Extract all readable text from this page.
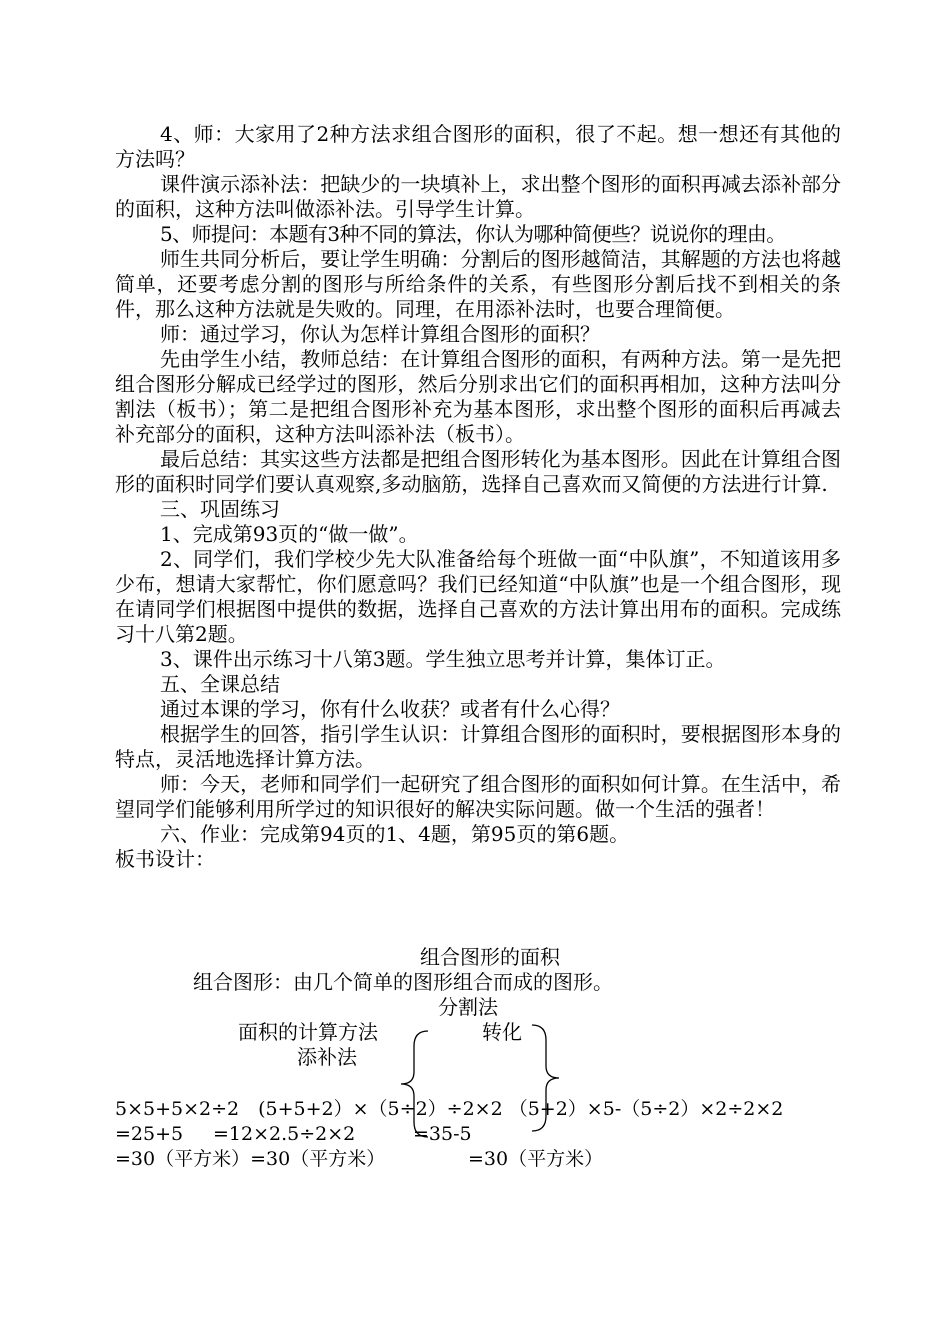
4、师：大家用了2种方法求组合图形的面积，很了不起。想一想还有其他的方法吗？

课件演示添补法：把缺少的一块填补上，求出整个图形的面积再减去添补部分的面积，这种方法叫做添补法。引导学生计算。

5、师提问：本题有3种不同的算法，你认为哪种简便些？说说你的理由。

师生共同分析后，要让学生明确：分割后的图形越简洁，其解题的方法也将越简单，还要考虑分割的图形与所给条件的关系，有些图形分割后找不到相关的条件，那么这种方法就是失败的。同理，在用添补法时，也要合理简便。

师：通过学习，你认为怎样计算组合图形的面积？

先由学生小结，教师总结：在计算组合图形的面积，有两种方法。第一是先把组合图形分解成已经学过的图形，然后分别求出它们的面积再相加，这种方法叫分割法（板书）；第二是把组合图形补充为基本图形，求出整个图形的面积后再减去补充部分的面积，这种方法叫添补法（板书）。

最后总结：其实这些方法都是把组合图形转化为基本图形。因此在计算组合图形的面积时同学们要认真观察,多动脑筋，选择自己喜欢而又简便的方法进行计算.

三、巩固练习

1、完成第93页的“做一做”。

2、同学们，我们学校少先大队准备给每个班做一面“中队旗”，不知道该用多少布，想请大家帮忙，你们愿意吗？我们已经知道“中队旗”也是一个组合图形，现在请同学们根据图中提供的数据，选择自己喜欢的方法计算出用布的面积。完成练习十八第2题。

3、课件出示练习十八第3题。学生独立思考并计算，集体订正。

五、全课总结

通过本课的学习，你有什么收获？或者有什么心得？

根据学生的回答，指引学生认识：计算组合图形的面积时，要根据图形本身的特点，灵活地选择计算方法。

师：今天，老师和同学们一起研究了组合图形的面积如何计算。在生活中，希望同学们能够利用所学过的知识很好的解决实际问题。做一个生活的强者！

六、作业：完成第94页的1、4题，第95页的第6题。

板书设计：

组合图形的面积

组合图形：由几个简单的图形组合而成的图形。

分割法

面积的计算方法	转化

添补法

5×5+5×2÷2　(5+5+2）×（5÷2）÷2×2 （5+2）×5-（5÷2）×2÷2×2

=25+5 =12×2.5÷2×2	=35-5

=30（平方米）=30（平方米）	=30（平方米）
